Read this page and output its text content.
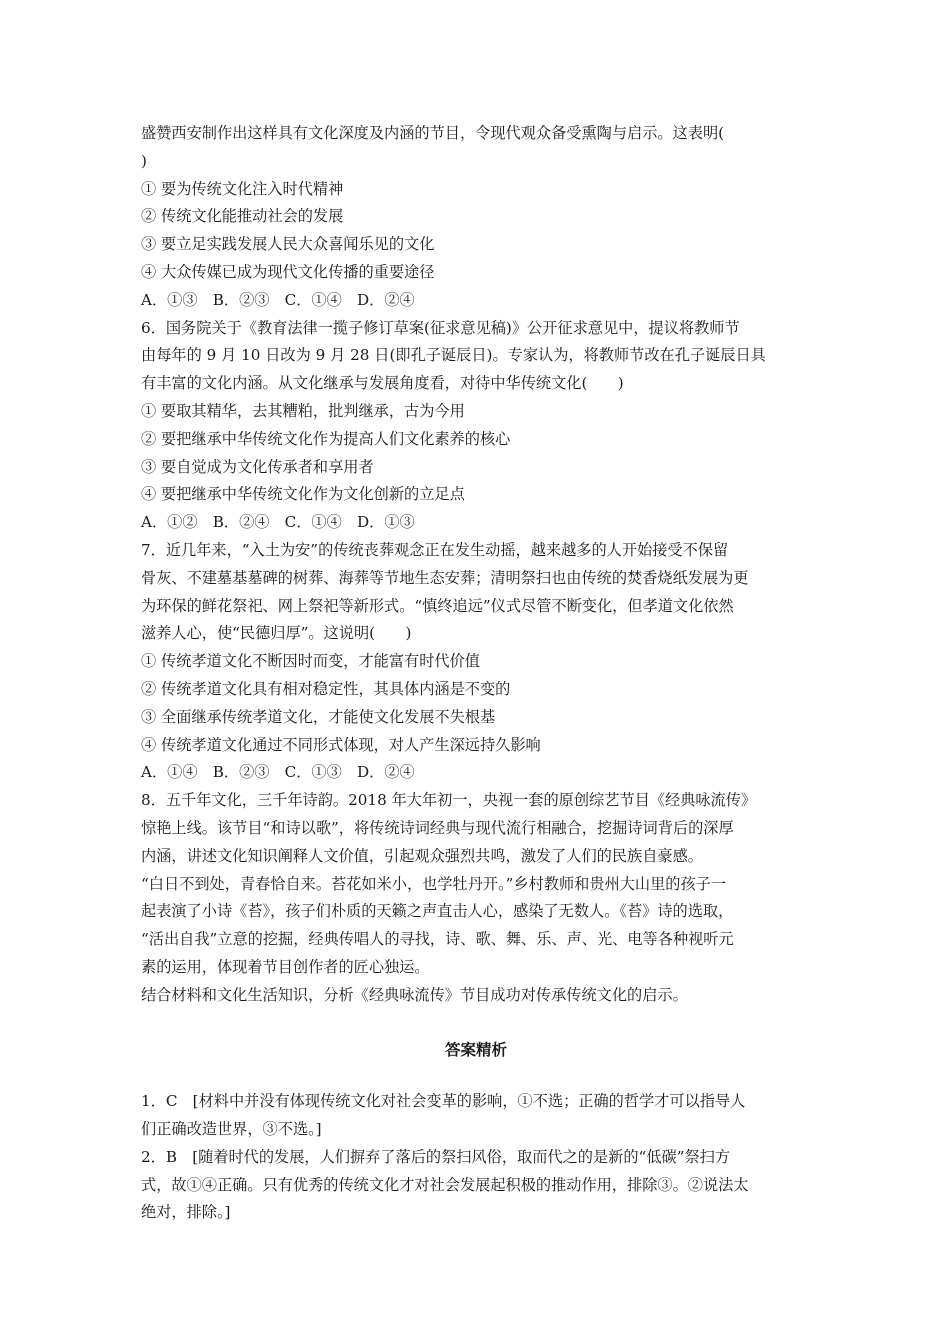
盛赞西安制作出这样具有文化深度及内涵的节目，令现代观众备受熏陶与启示。这表明(

)

① 要为传统文化注入时代精神

② 传统文化能推动社会的发展

③ 要立足实践发展人民大众喜闻乐见的文化

④ 大众传媒已成为现代文化传播的重要途径

A．①③　B．②③　C．①④　D．②④

6．国务院关于《教育法律一揽子修订草案(征求意见稿)》公开征求意见中，提议将教师节

由每年的 9 月 10 日改为 9 月 28 日(即孔子诞辰日)。专家认为，将教师节改在孔子诞辰日具

有丰富的文化内涵。从文化继承与发展角度看，对待中华传统文化(　　)

① 要取其精华，去其糟粕，批判继承，古为今用

② 要把继承中华传统文化作为提高人们文化素养的核心

③ 要自觉成为文化传承者和享用者

④ 要把继承中华传统文化作为文化创新的立足点

A．①②　B．②④　C．①④　D．①③

7．近几年来，“入土为安”的传统丧葬观念正在发生动摇，越来越多的人开始接受不保留

骨灰、不建墓基墓碑的树葬、海葬等节地生态安葬；清明祭扫也由传统的焚香烧纸发展为更

为环保的鲜花祭祀、网上祭祀等新形式。“慎终追远”仪式尽管不断变化，但孝道文化依然

滋养人心，使“民德归厚”。这说明(　　)

① 传统孝道文化不断因时而变，才能富有时代价值

② 传统孝道文化具有相对稳定性，其具体内涵是不变的

③ 全面继承传统孝道文化，才能使文化发展不失根基

④ 传统孝道文化通过不同形式体现，对人产生深远持久影响

A．①④　B．②③　C．①③　D．②④

8．五千年文化，三千年诗韵。2018 年大年初一，央视一套的原创综艺节目《经典咏流传》

惊艳上线。该节目“和诗以歌”，将传统诗词经典与现代流行相融合，挖掘诗词背后的深厚

内涵，讲述文化知识阐释人文价值，引起观众强烈共鸣，激发了人们的民族自豪感。

“白日不到处，青春恰自来。苔花如米小，也学牡丹开。”乡村教师和贵州大山里的孩子一

起表演了小诗《苔》，孩子们朴质的天籁之声直击人心，感染了无数人。《苔》诗的选取，

“活出自我”立意的挖掘，经典传唱人的寻找，诗、歌、舞、乐、声、光、电等各种视听元

素的运用，体现着节目创作者的匠心独运。

结合材料和文化生活知识，分析《经典咏流传》节目成功对传承传统文化的启示。

答案精析

1．C　[材料中并没有体现传统文化对社会变革的影响，①不选；正确的哲学才可以指导人

们正确改造世界，③不选。]

2．B　[随着时代的发展，人们摒弃了落后的祭扫风俗，取而代之的是新的“低碳”祭扫方

式，故①④正确。只有优秀的传统文化才对社会发展起积极的推动作用，排除③。②说法太

绝对，排除。]
